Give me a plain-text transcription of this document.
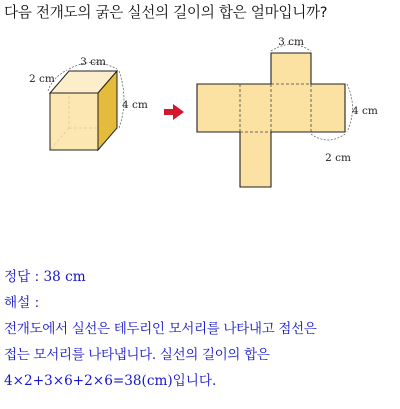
다음 전개도의 굵은 실선의 길이의 합은 얼마입니까?
3 cm
2 cm
4 cm
3 cm
4 cm
2 cm
정답 : 38 cm
해설 :
전개도에서 실선은 테두리인 모서리를 나타내고 점선은
접는 모서리를 나타냅니다. 실선의 길이의 합은
4×2+3×6+2×6=38(cm)입니다.
